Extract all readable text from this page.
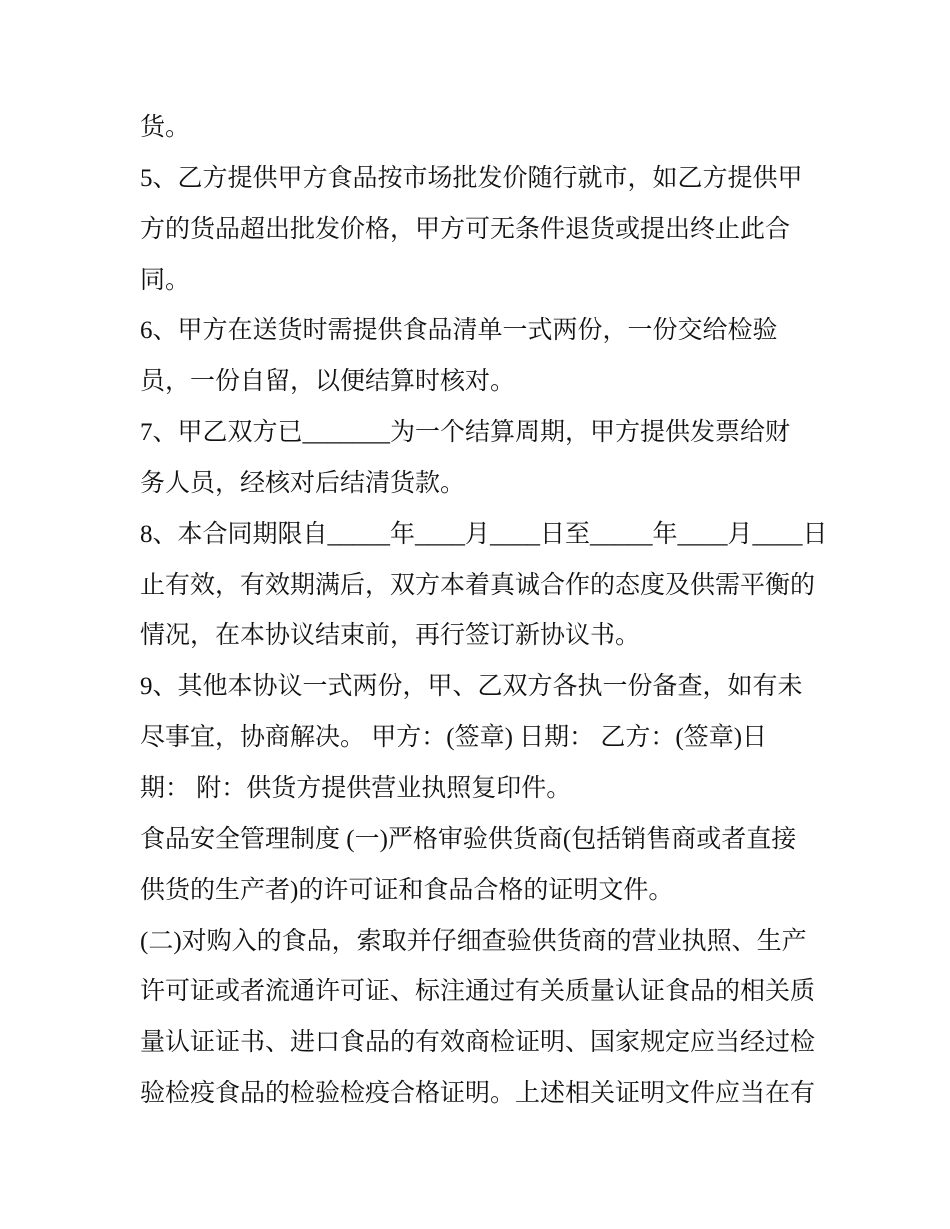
货。
5、乙方提供甲方食品按市场批发价随行就市，如乙方提供甲
方的货品超出批发价格，甲方可无条件退货或提出终止此合
同。
6、甲方在送货时需提供食品清单一式两份，一份交给检验
员，一份自留，以便结算时核对。
7、甲乙双方已_______为一个结算周期，甲方提供发票给财
务人员，经核对后结清货款。
8、本合同期限自_____年____月____日至_____年____月____日
止有效，有效期满后，双方本着真诚合作的态度及供需平衡的
情况，在本协议结束前，再行签订新协议书。
9、其他本协议一式两份，甲、乙双方各执一份备查，如有未
尽事宜，协商解决。 甲方：(签章) 日期： 乙方：(签章)日
期： 附：供货方提供营业执照复印件。
食品安全管理制度 (一)严格审验供货商(包括销售商或者直接
供货的生产者)的许可证和食品合格的证明文件。
(二)对购入的食品，索取并仔细查验供货商的营业执照、生产
许可证或者流通许可证、标注通过有关质量认证食品的相关质
量认证证书、进口食品的有效商检证明、国家规定应当经过检
验检疫食品的检验检疫合格证明。上述相关证明文件应当在有
